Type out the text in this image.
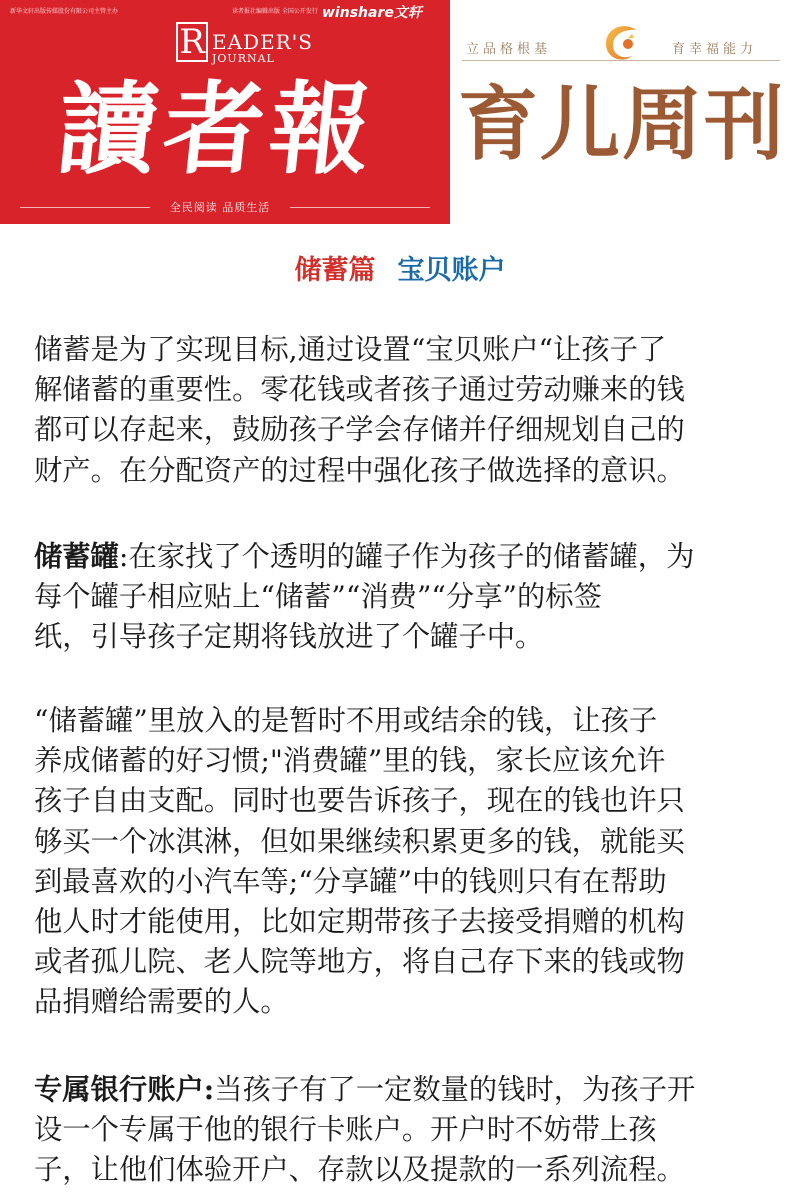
新华文轩出版传媒股份有限公司主管主办	读者报社编辑出版 全国公开发行 winshare文轩
R EADER'S
JOURNAL
讀者報
全民阅读 品质生活
立品格根基	育幸福能力
育儿周刊
储蓄篇 宝贝账户

储蓄是为了实现目标,通过设置“宝贝账户“让孩子了
解储蓄的重要性。零花钱或者孩子通过劳动赚来的钱
都可以存起来，鼓励孩子学会存储并仔细规划自己的
财产。在分配资产的过程中强化孩子做选择的意识。

储蓄罐:在家找了个透明的罐子作为孩子的储蓄罐，为
每个罐子相应贴上“储蓄”“消费”“分享”的标签
纸，引导孩子定期将钱放进了个罐子中。

“储蓄罐”里放入的是暂时不用或结余的钱，让孩子
养成储蓄的好习惯;"消费罐”里的钱，家长应该允许
孩子自由支配。同时也要告诉孩子，现在的钱也许只
够买一个冰淇淋，但如果继续积累更多的钱，就能买
到最喜欢的小汽车等;“分享罐”中的钱则只有在帮助
他人时才能使用，比如定期带孩子去接受捐赠的机构
或者孤儿院、老人院等地方，将自己存下来的钱或物
品捐赠给需要的人。

专属银行账户:当孩子有了一定数量的钱时，为孩子开
设一个专属于他的银行卡账户。开户时不妨带上孩
子，让他们体验开户、存款以及提款的一系列流程。
